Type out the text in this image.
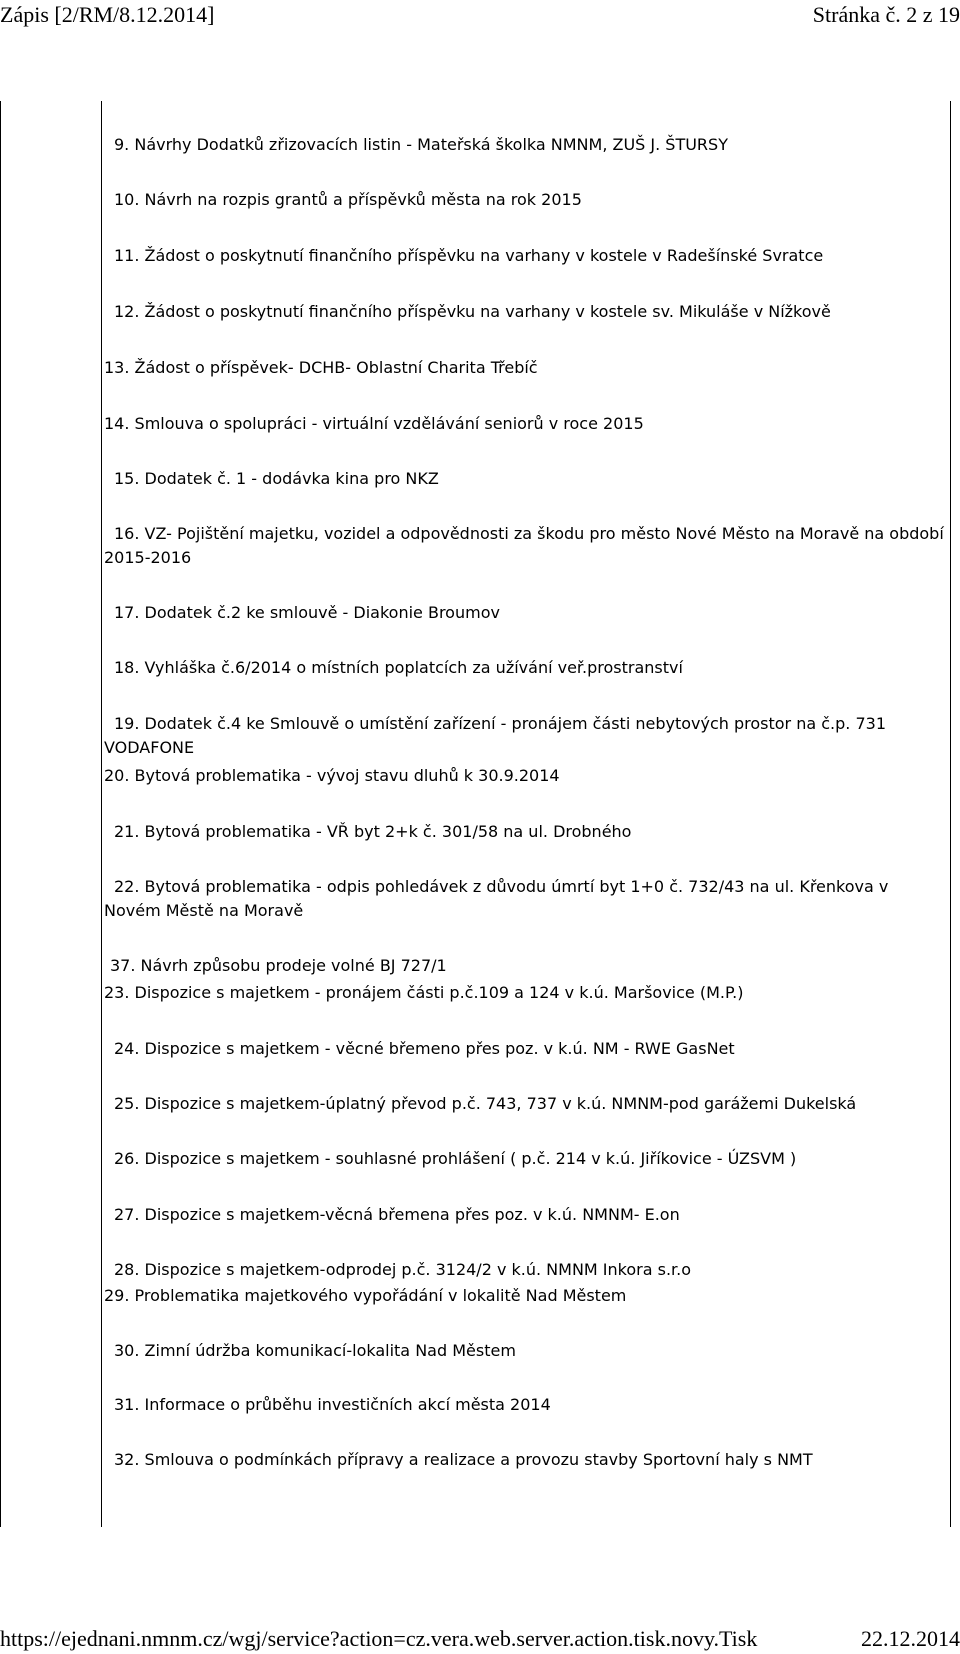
Zápis [2/RM/8.12.2014]	Stránka č. 2 z 19
9. Návrhy Dodatků zřizovacích listin - Mateřská školka NMNM, ZUŠ J. ŠTURSY
10. Návrh na rozpis grantů a příspěvků města na rok 2015
11. Žádost o poskytnutí finančního příspěvku na varhany v kostele v Radešínské Svratce
12. Žádost o poskytnutí finančního příspěvku na varhany v kostele sv. Mikuláše v Nížkově
13. Žádost o příspěvek- DCHB- Oblastní Charita Třebíč
14. Smlouva o spolupráci - virtuální vzdělávání seniorů v roce 2015
15. Dodatek č. 1 - dodávka kina pro NKZ
16. VZ- Pojištění majetku, vozidel a odpovědnosti za škodu pro město Nové Město na Moravě na období 2015-2016
17. Dodatek č.2 ke smlouvě - Diakonie Broumov
18. Vyhláška č.6/2014 o místních poplatcích za užívání veř.prostranství
19. Dodatek č.4 ke Smlouvě o umístění zařízení - pronájem části nebytových prostor na č.p. 731 VODAFONE
20. Bytová problematika - vývoj stavu dluhů k 30.9.2014
21. Bytová problematika - VŘ byt 2+k č. 301/58 na ul. Drobného
22. Bytová problematika - odpis pohledávek z důvodu úmrtí byt 1+0 č. 732/43 na ul. Křenkova v Novém Městě na Moravě
37. Návrh způsobu prodeje volné BJ 727/1
23. Dispozice s majetkem - pronájem části p.č.109 a 124 v k.ú. Maršovice (M.P.)
24. Dispozice s majetkem - věcné břemeno přes poz. v k.ú. NM - RWE GasNet
25. Dispozice s majetkem-úplatný převod p.č. 743, 737 v k.ú. NMNM-pod garážemi Dukelská
26. Dispozice s majetkem - souhlasné prohlášení ( p.č. 214 v k.ú. Jiříkovice - ÚZSVM )
27. Dispozice s majetkem-věcná břemena přes poz. v k.ú. NMNM- E.on
28. Dispozice s majetkem-odprodej p.č. 3124/2 v k.ú. NMNM Inkora s.r.o
29. Problematika majetkového vypořádání v lokalitě Nad Městem
30. Zimní údržba komunikací-lokalita Nad Městem
31. Informace o průběhu investičních akcí města 2014
32. Smlouva o podmínkách přípravy a realizace a provozu stavby Sportovní haly s NMT
https://ejednani.nmnm.cz/wgj/service?action=cz.vera.web.server.action.tisk.novy.Tisk	22.12.2014
